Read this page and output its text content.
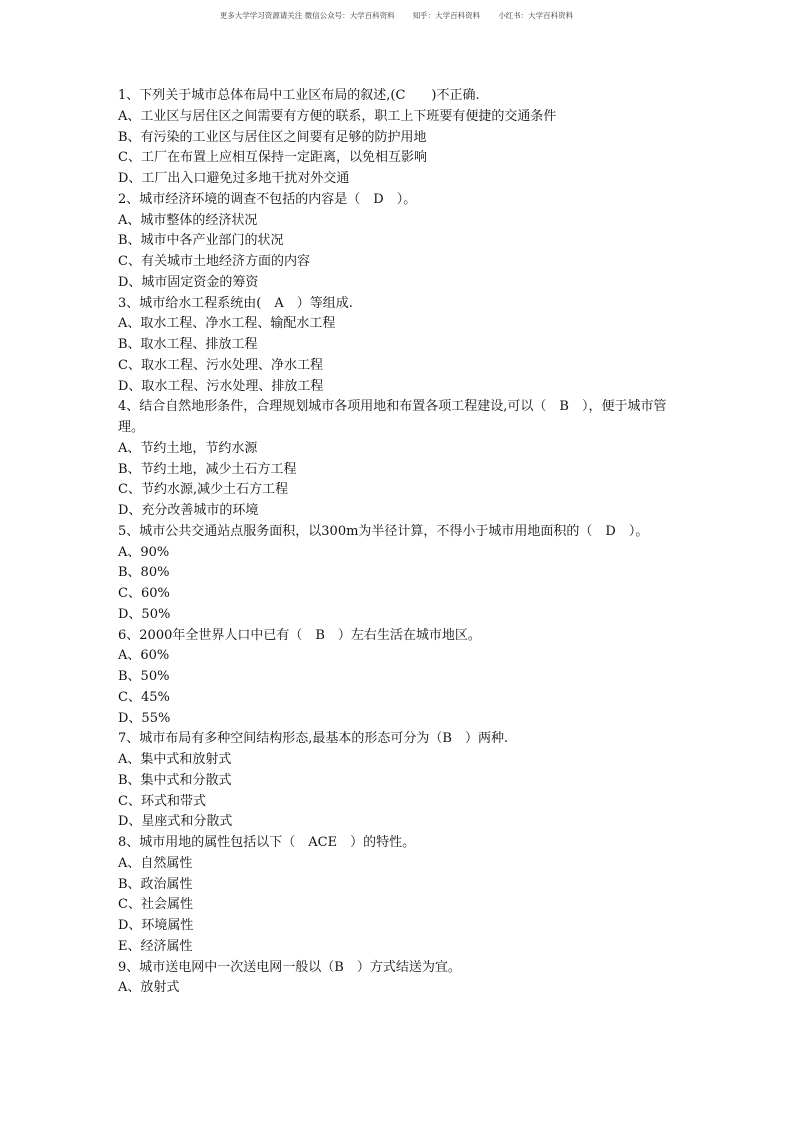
更多大学学习资源请关注 微信公众号：大学百科资料 知乎：大学百科资料 小红书：大学百科资料
1、下列关于城市总体布局中工业区布局的叙述,(C　　)不正确.
A、工业区与居住区之间需要有方便的联系，职工上下班要有便捷的交通条件
B、有污染的工业区与居住区之间要有足够的防护用地
C、工厂在布置上应相互保持一定距离，以免相互影响
D、工厂出入口避免过多地干扰对外交通
2、城市经济环境的调查不包括的内容是（　D　）。
A、城市整体的经济状况
B、城市中各产业部门的状况
C、有关城市土地经济方面的内容
D、城市固定资金的筹资
3、城市给水工程系统由(　A　）等组成.
A、取水工程、净水工程、输配水工程
B、取水工程、排放工程
C、取水工程、污水处理、净水工程
D、取水工程、污水处理、排放工程
4、结合自然地形条件，合理规划城市各项用地和布置各项工程建设,可以（　B　），便于城市管理。
A、节约土地，节约水源
B、节约土地，减少土石方工程
C、节约水源,减少土石方工程
D、充分改善城市的环境
5、城市公共交通站点服务面积，以300m为半径计算，不得小于城市用地面积的（　D　）。
A、90%
B、80%
C、60%
D、50%
6、2000年全世界人口中已有（　B　）左右生活在城市地区。
A、60%
B、50%
C、45%
D、55%
7、城市布局有多种空间结构形态,最基本的形态可分为（B　）两种.
A、集中式和放射式
B、集中式和分散式
C、环式和带式
D、星座式和分散式
8、城市用地的属性包括以下（　ACE　）的特性。
A、自然属性
B、政治属性
C、社会属性
D、环境属性
E、经济属性
9、城市送电网中一次送电网一般以（B　）方式结送为宜。
A、放射式
